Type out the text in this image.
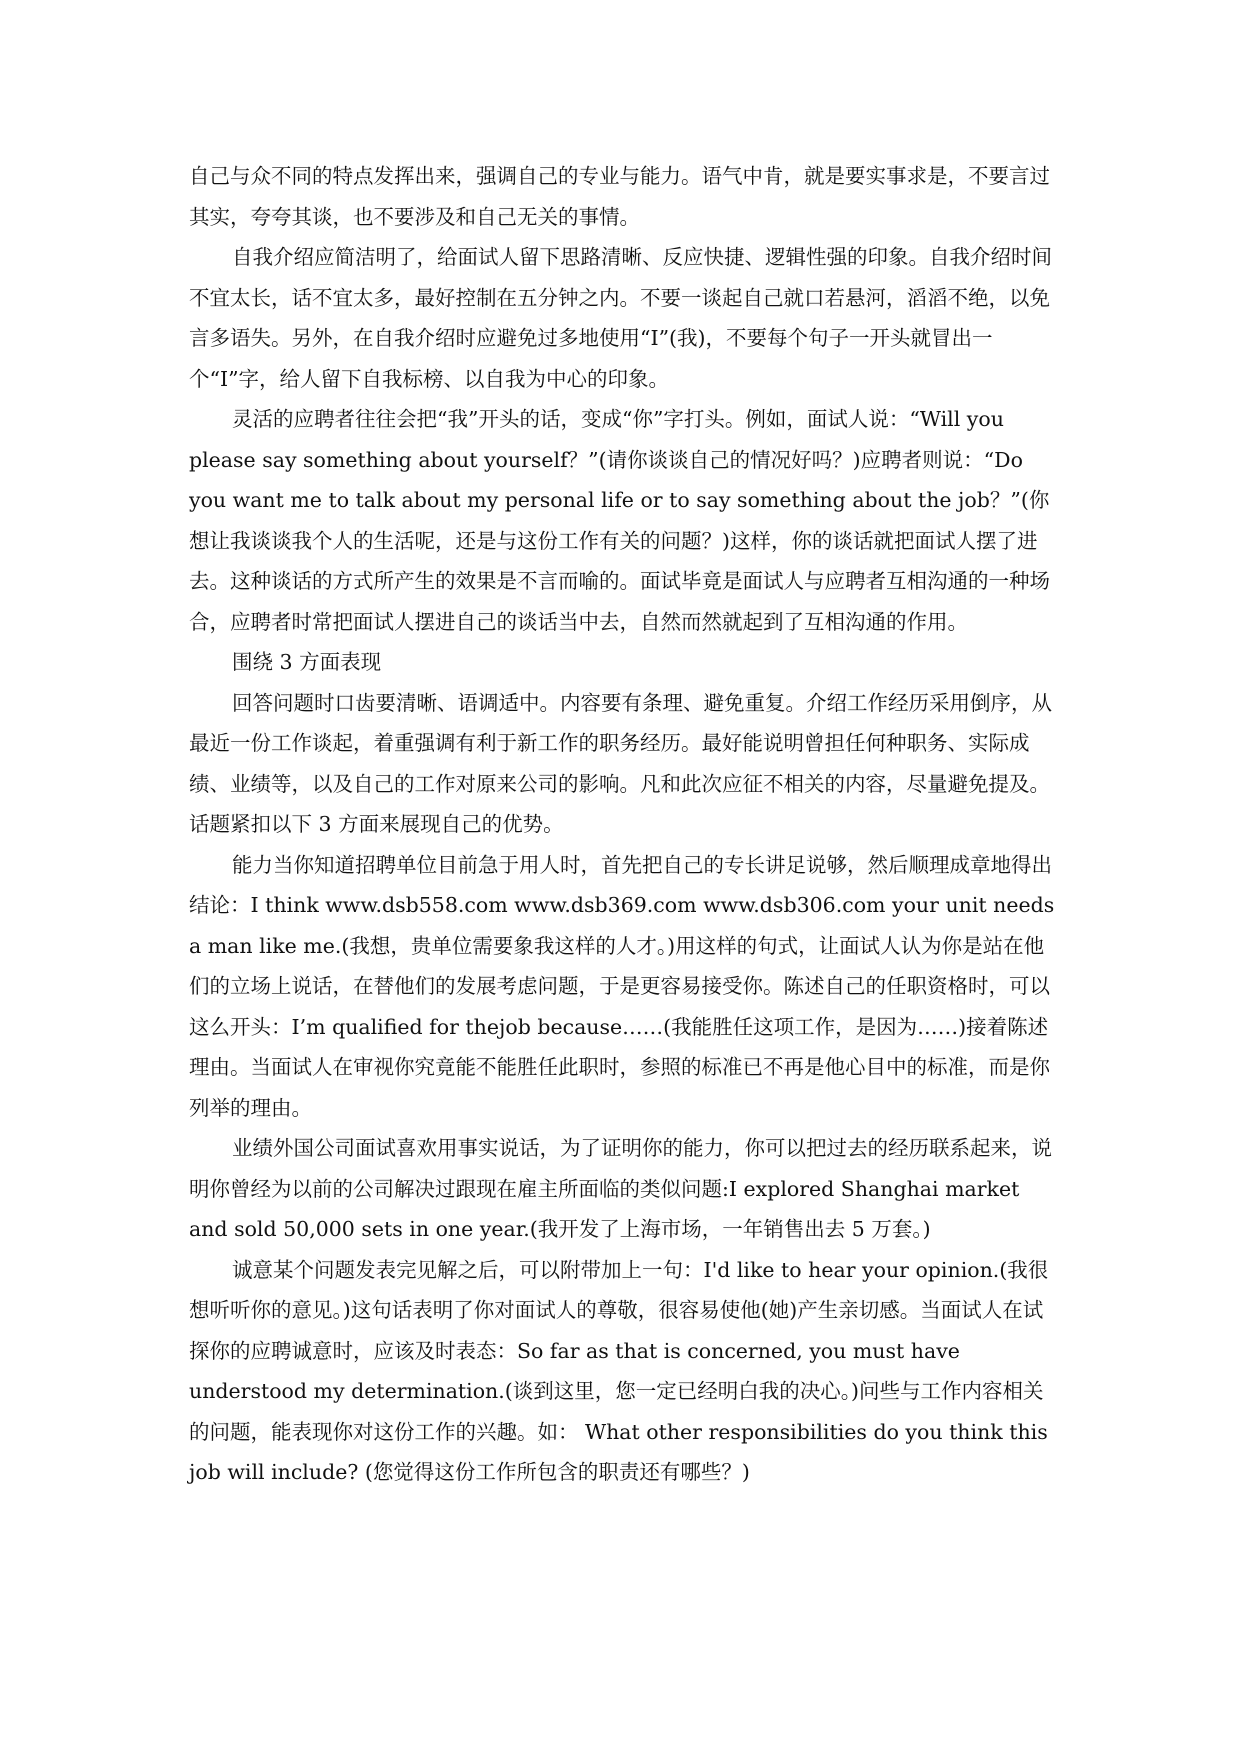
自己与众不同的特点发挥出来，强调自己的专业与能力。语气中肯，就是要实事求是，不要言过其实，夸夸其谈，也不要涉及和自己无关的事情。

自我介绍应简洁明了，给面试人留下思路清晰、反应快捷、逻辑性强的印象。自我介绍时间不宜太长，话不宜太多，最好控制在五分钟之内。不要一谈起自己就口若悬河，滔滔不绝，以免言多语失。另外，在自我介绍时应避免过多地使用“I”(我)，不要每个句子一开头就冒出一个“I”字，给人留下自我标榜、以自我为中心的印象。

灵活的应聘者往往会把“我”开头的话，变成“你”字打头。例如，面试人说：“Will you please say something about yourself？”(请你谈谈自己的情况好吗？)应聘者则说：“Do you want me to talk about my personal life or to say something about the job？”(你想让我谈谈我个人的生活呢，还是与这份工作有关的问题？)这样，你的谈话就把面试人摆了进去。这种谈话的方式所产生的效果是不言而喻的。面试毕竟是面试人与应聘者互相沟通的一种场合，应聘者时常把面试人摆进自己的谈话当中去，自然而然就起到了互相沟通的作用。

围绕 3 方面表现

回答问题时口齿要清晰、语调适中。内容要有条理、避免重复。介绍工作经历采用倒序，从最近一份工作谈起，着重强调有利于新工作的职务经历。最好能说明曾担任何种职务、实际成绩、业绩等，以及自己的工作对原来公司的影响。凡和此次应征不相关的内容，尽量避免提及。话题紧扣以下 3 方面来展现自己的优势。

能力当你知道招聘单位目前急于用人时，首先把自己的专长讲足说够，然后顺理成章地得出结论：I think www.dsb558.com www.dsb369.com www.dsb306.com your unit needs a man like me.(我想，贵单位需要象我这样的人才。)用这样的句式，让面试人认为你是站在他们的立场上说话，在替他们的发展考虑问题，于是更容易接受你。陈述自己的任职资格时，可以这么开头：I’m qualified for thejob because……(我能胜任这项工作，是因为……)接着陈述理由。当面试人在审视你究竟能不能胜任此职时，参照的标准已不再是他心目中的标准，而是你列举的理由。

业绩外国公司面试喜欢用事实说话，为了证明你的能力，你可以把过去的经历联系起来，说明你曾经为以前的公司解决过跟现在雇主所面临的类似问题:I explored Shanghai market and sold 50,000 sets in one year.(我开发了上海市场，一年销售出去 5 万套。)

诚意某个问题发表完见解之后，可以附带加上一句：I'd like to hear your opinion.(我很想听听你的意见。)这句话表明了你对面试人的尊敬，很容易使他(她)产生亲切感。当面试人在试探你的应聘诚意时，应该及时表态：So far as that is concerned, you must have understood my determination.(谈到这里，您一定已经明白我的决心。)问些与工作内容相关的问题，能表现你对这份工作的兴趣。如： What other responsibilities do you think this job will include? (您觉得这份工作所包含的职责还有哪些？)
